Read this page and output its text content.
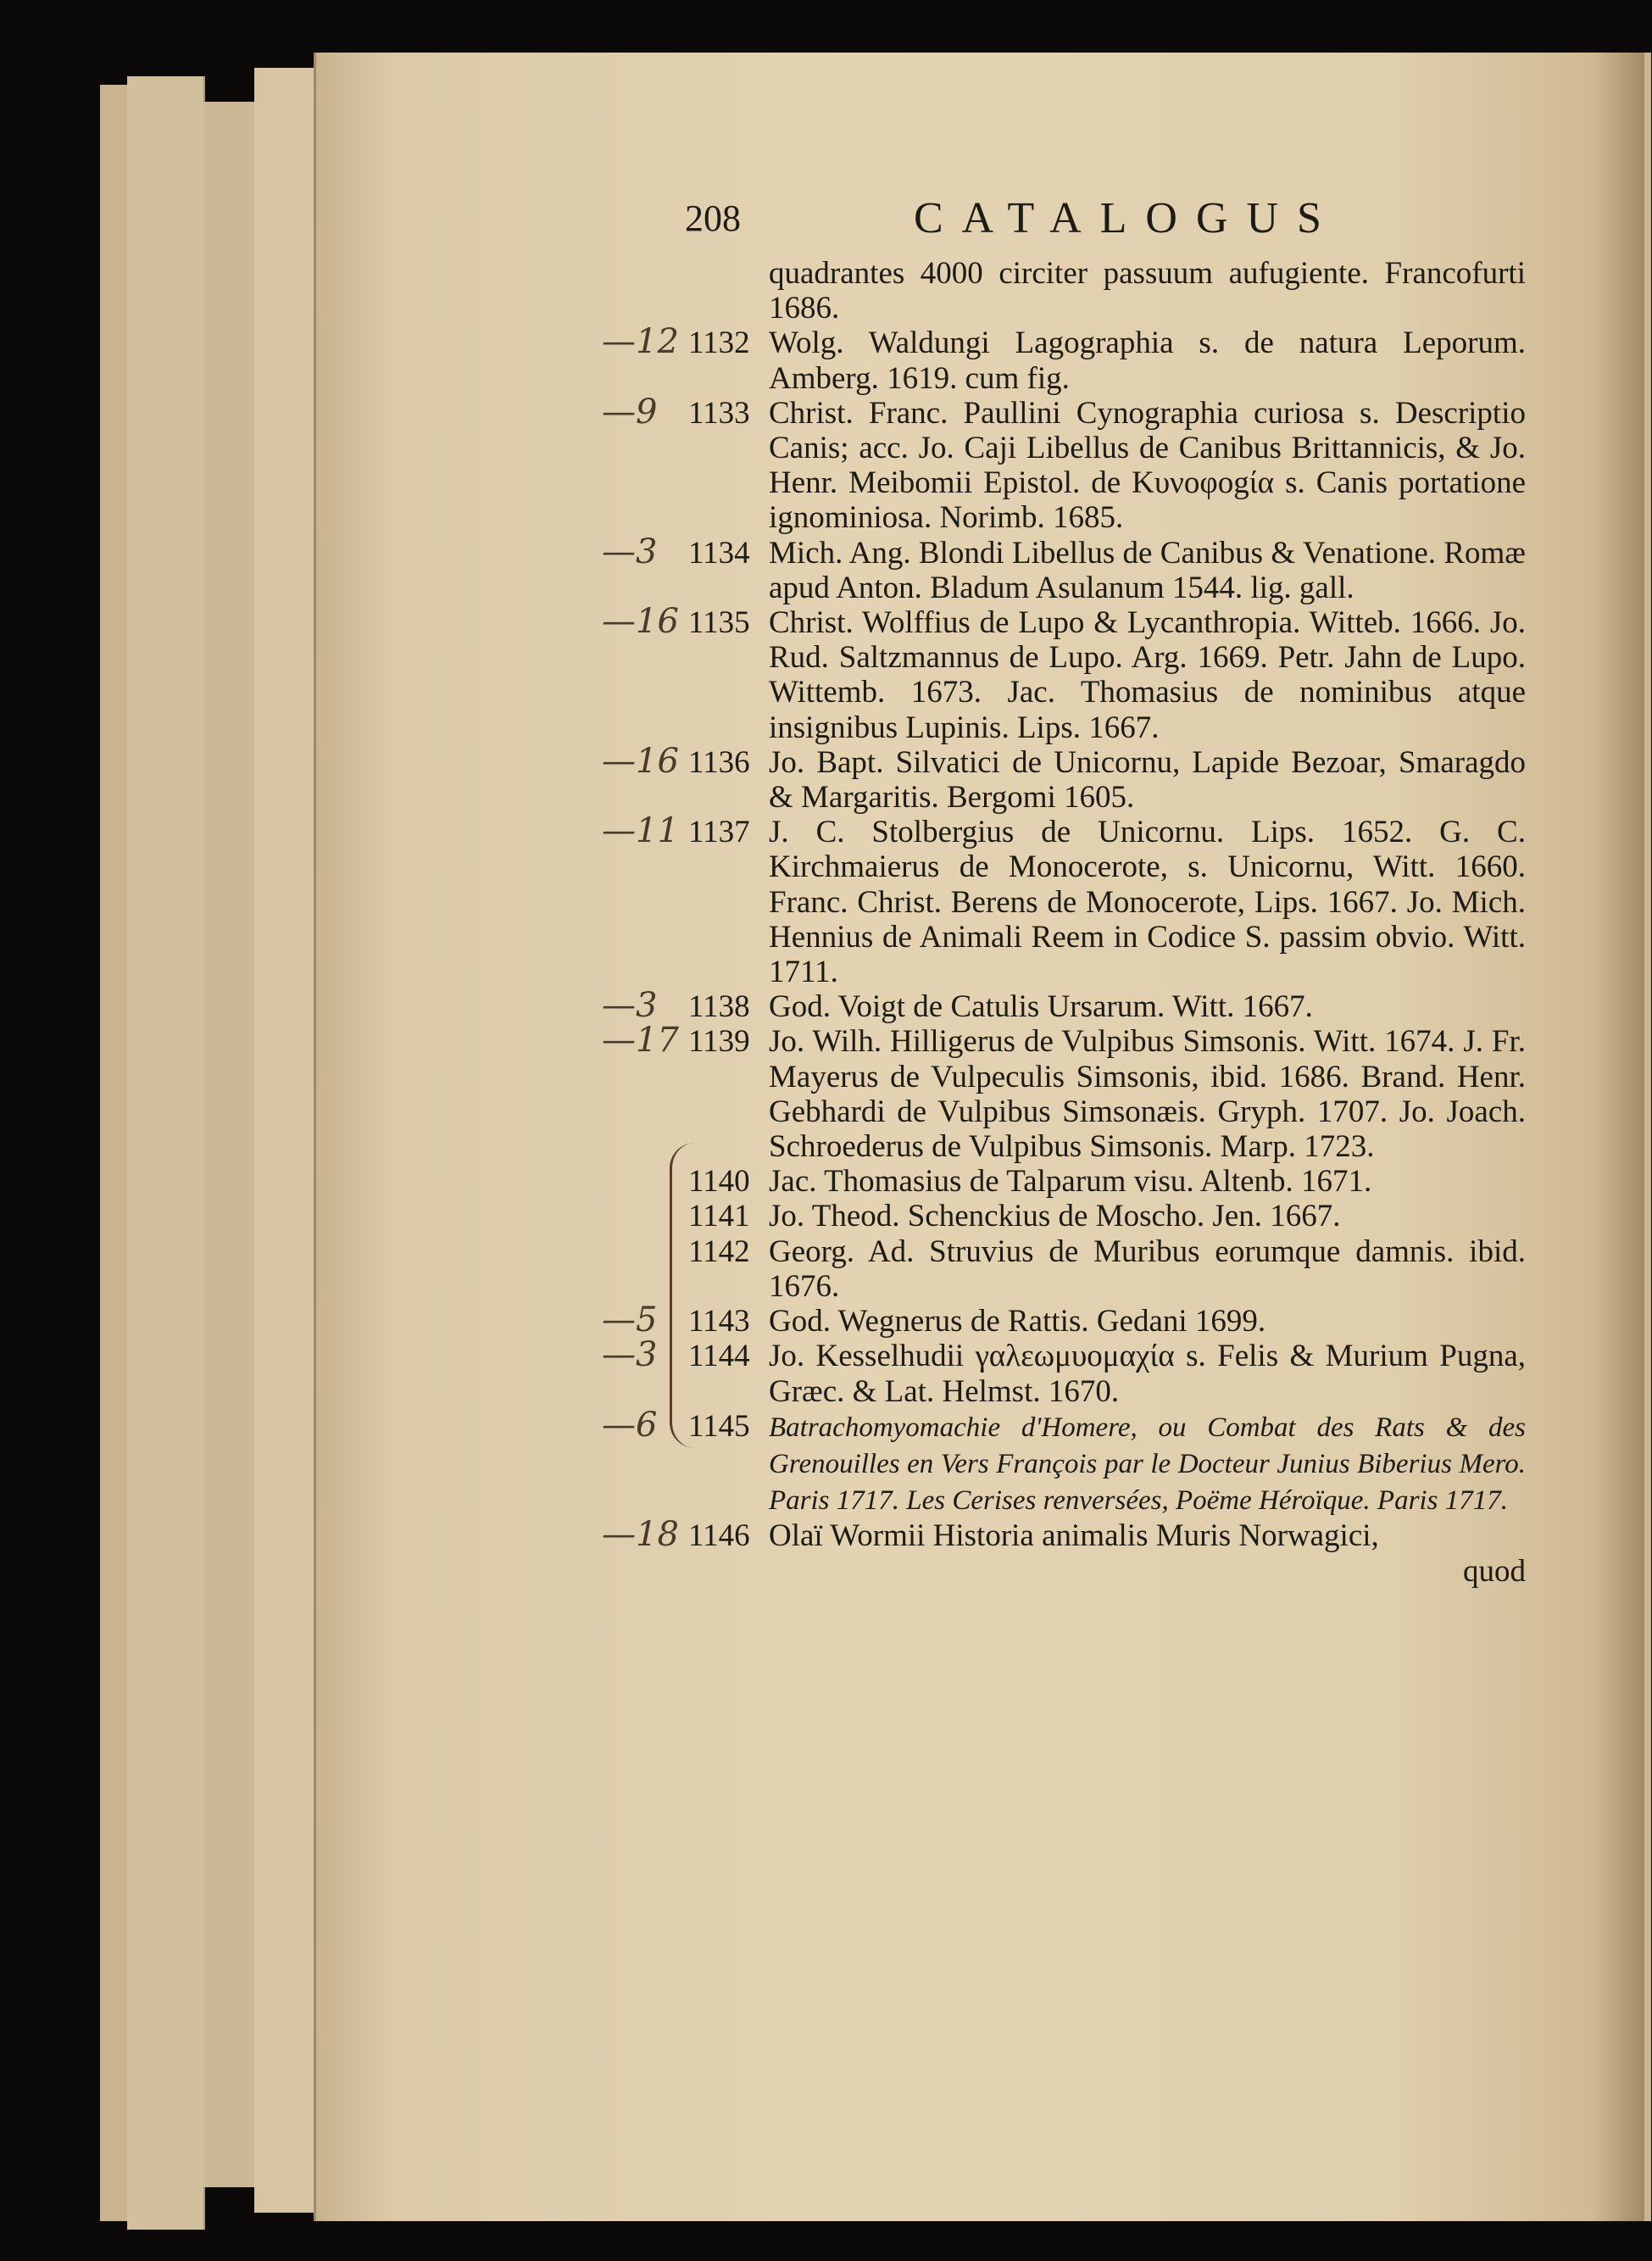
208	CATALOGUS
quadrantes 4000 circiter passuum aufugiente. Francofurti 1686.
1132 Wolg. Waldungi Lagographia s. de natura Leporum. Amberg. 1619. cum fig.
1133 Christ. Franc. Paullini Cynographia curiosa s. Descriptio Canis; acc. Jo. Caji Libellus de Canibus Brittannicis, & Jo. Henr. Meibomii Epistol. de Κυνοφοgία s. Canis portatione ignominiosa. Norimb. 1685.
1134 Mich. Ang. Blondi Libellus de Canibus & Venatione. Romæ apud Anton. Bladum Asulanum 1544. lig. gall.
1135 Christ. Wolffius de Lupo & Lycanthropia. Witteb. 1666. Jo. Rud. Saltzmannus de Lupo. Arg. 1669. Petr. Jahn de Lupo. Wittemb. 1673. Jac. Thomasius de nominibus atque insignibus Lupinis. Lips. 1667.
1136 Jo. Bapt. Silvatici de Unicornu, Lapide Bezoar, Smaragdo & Margaritis. Bergomi 1605.
1137 J. C. Stolbergius de Unicornu. Lips. 1652. G. C. Kirchmaierus de Monocerote, s. Unicornu, Witt. 1660. Franc. Christ. Berens de Monocerote, Lips. 1667. Jo. Mich. Hennius de Animali Reem in Codice S. passim obvio. Witt. 1711.
1138 God. Voigt de Catulis Ursarum. Witt. 1667.
1139 Jo. Wilh. Hilligerus de Vulpibus Simsonis. Witt. 1674. J. Fr. Mayerus de Vulpeculis Simsonis, ibid. 1686. Brand. Henr. Gebhardi de Vulpibus Simsonæis. Gryph. 1707. Jo. Joach. Schroederus de Vulpibus Simsonis. Marp. 1723.
1140 Jac. Thomasius de Talparum visu. Altenb. 1671.
1141 Jo. Theod. Schenckius de Moscho. Jen. 1667.
1142 Georg. Ad. Struvius de Muribus eorumque damnis. ibid. 1676.
1143 God. Wegnerus de Rattis. Gedani 1699.
1144 Jo. Kesselhudii γαλεωμυομαχία s. Felis & Murium Pugna, Græc. & Lat. Helmst. 1670.
1145 Batrachomyomachie d'Homere, ou Combat des Rats & des Grenouilles en Vers François par le Docteur Junius Biberius Mero. Paris 1717. Les Cerises renversées, Poëme Héroïque. Paris 1717.
1146 Olaï Wormii Historia animalis Muris Norwagici,
quod
—12
—9
—3
—16
—16
—11
—3
—17
—5
—3
—6
—18
